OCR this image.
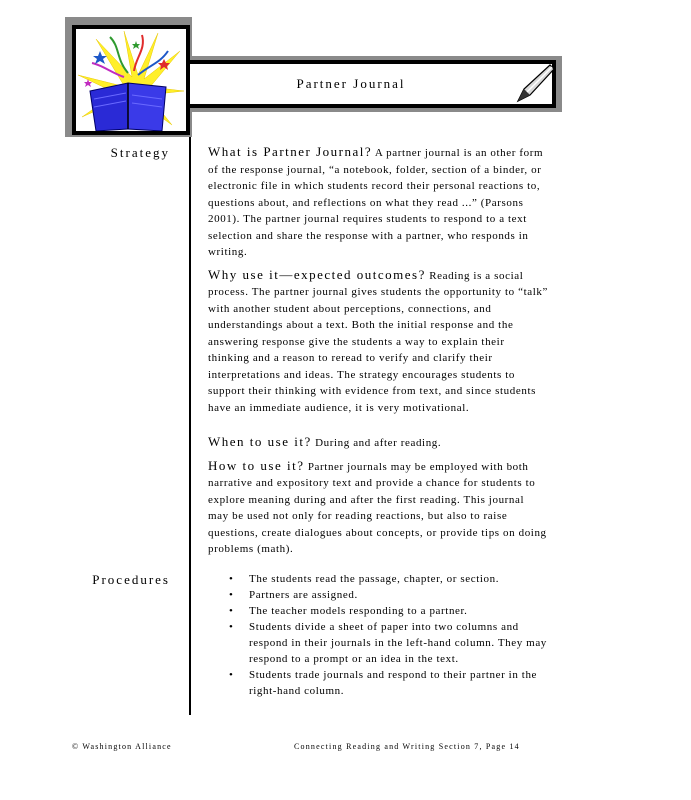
Partner Journal
Strategy
Procedures

What is Partner Journal? A partner journal is an other form of the response journal, “a notebook, folder, section of a binder, or electronic file in which students record their personal reactions to, questions about, and reflections on what they read ...” (Parsons 2001). The partner journal requires students to respond to a text selection and share the response with a partner, who responds in writing.

Why use it—expected outcomes? Reading is a social process. The partner journal gives students the opportunity to “talk” with another student about perceptions, connections, and understandings about a text. Both the initial response and the answering response give the students a way to explain their thinking and a reason to reread to verify and clarify their interpretations and ideas. The strategy encourages students to support their thinking with evidence from text, and since students have an immediate audience, it is very motivational.

When to use it? During and after reading.

How to use it? Partner journals may be employed with both narrative and expository text and provide a chance for students to explore meaning during and after the first reading. This journal may be used not only for reading reactions, but also to raise questions, create dialogues about concepts, or provide tips on doing problems (math).

• The students read the passage, chapter, or section.
• Partners are assigned.
• The teacher models responding to a partner.
• Students divide a sheet of paper into two columns and respond in their journals in the left-hand column. They may respond to a prompt or an idea in the text.
• Students trade journals and respond to their partner in the right-hand column.
© Washington Alliance	Connecting Reading and Writing Section 7, Page 14
